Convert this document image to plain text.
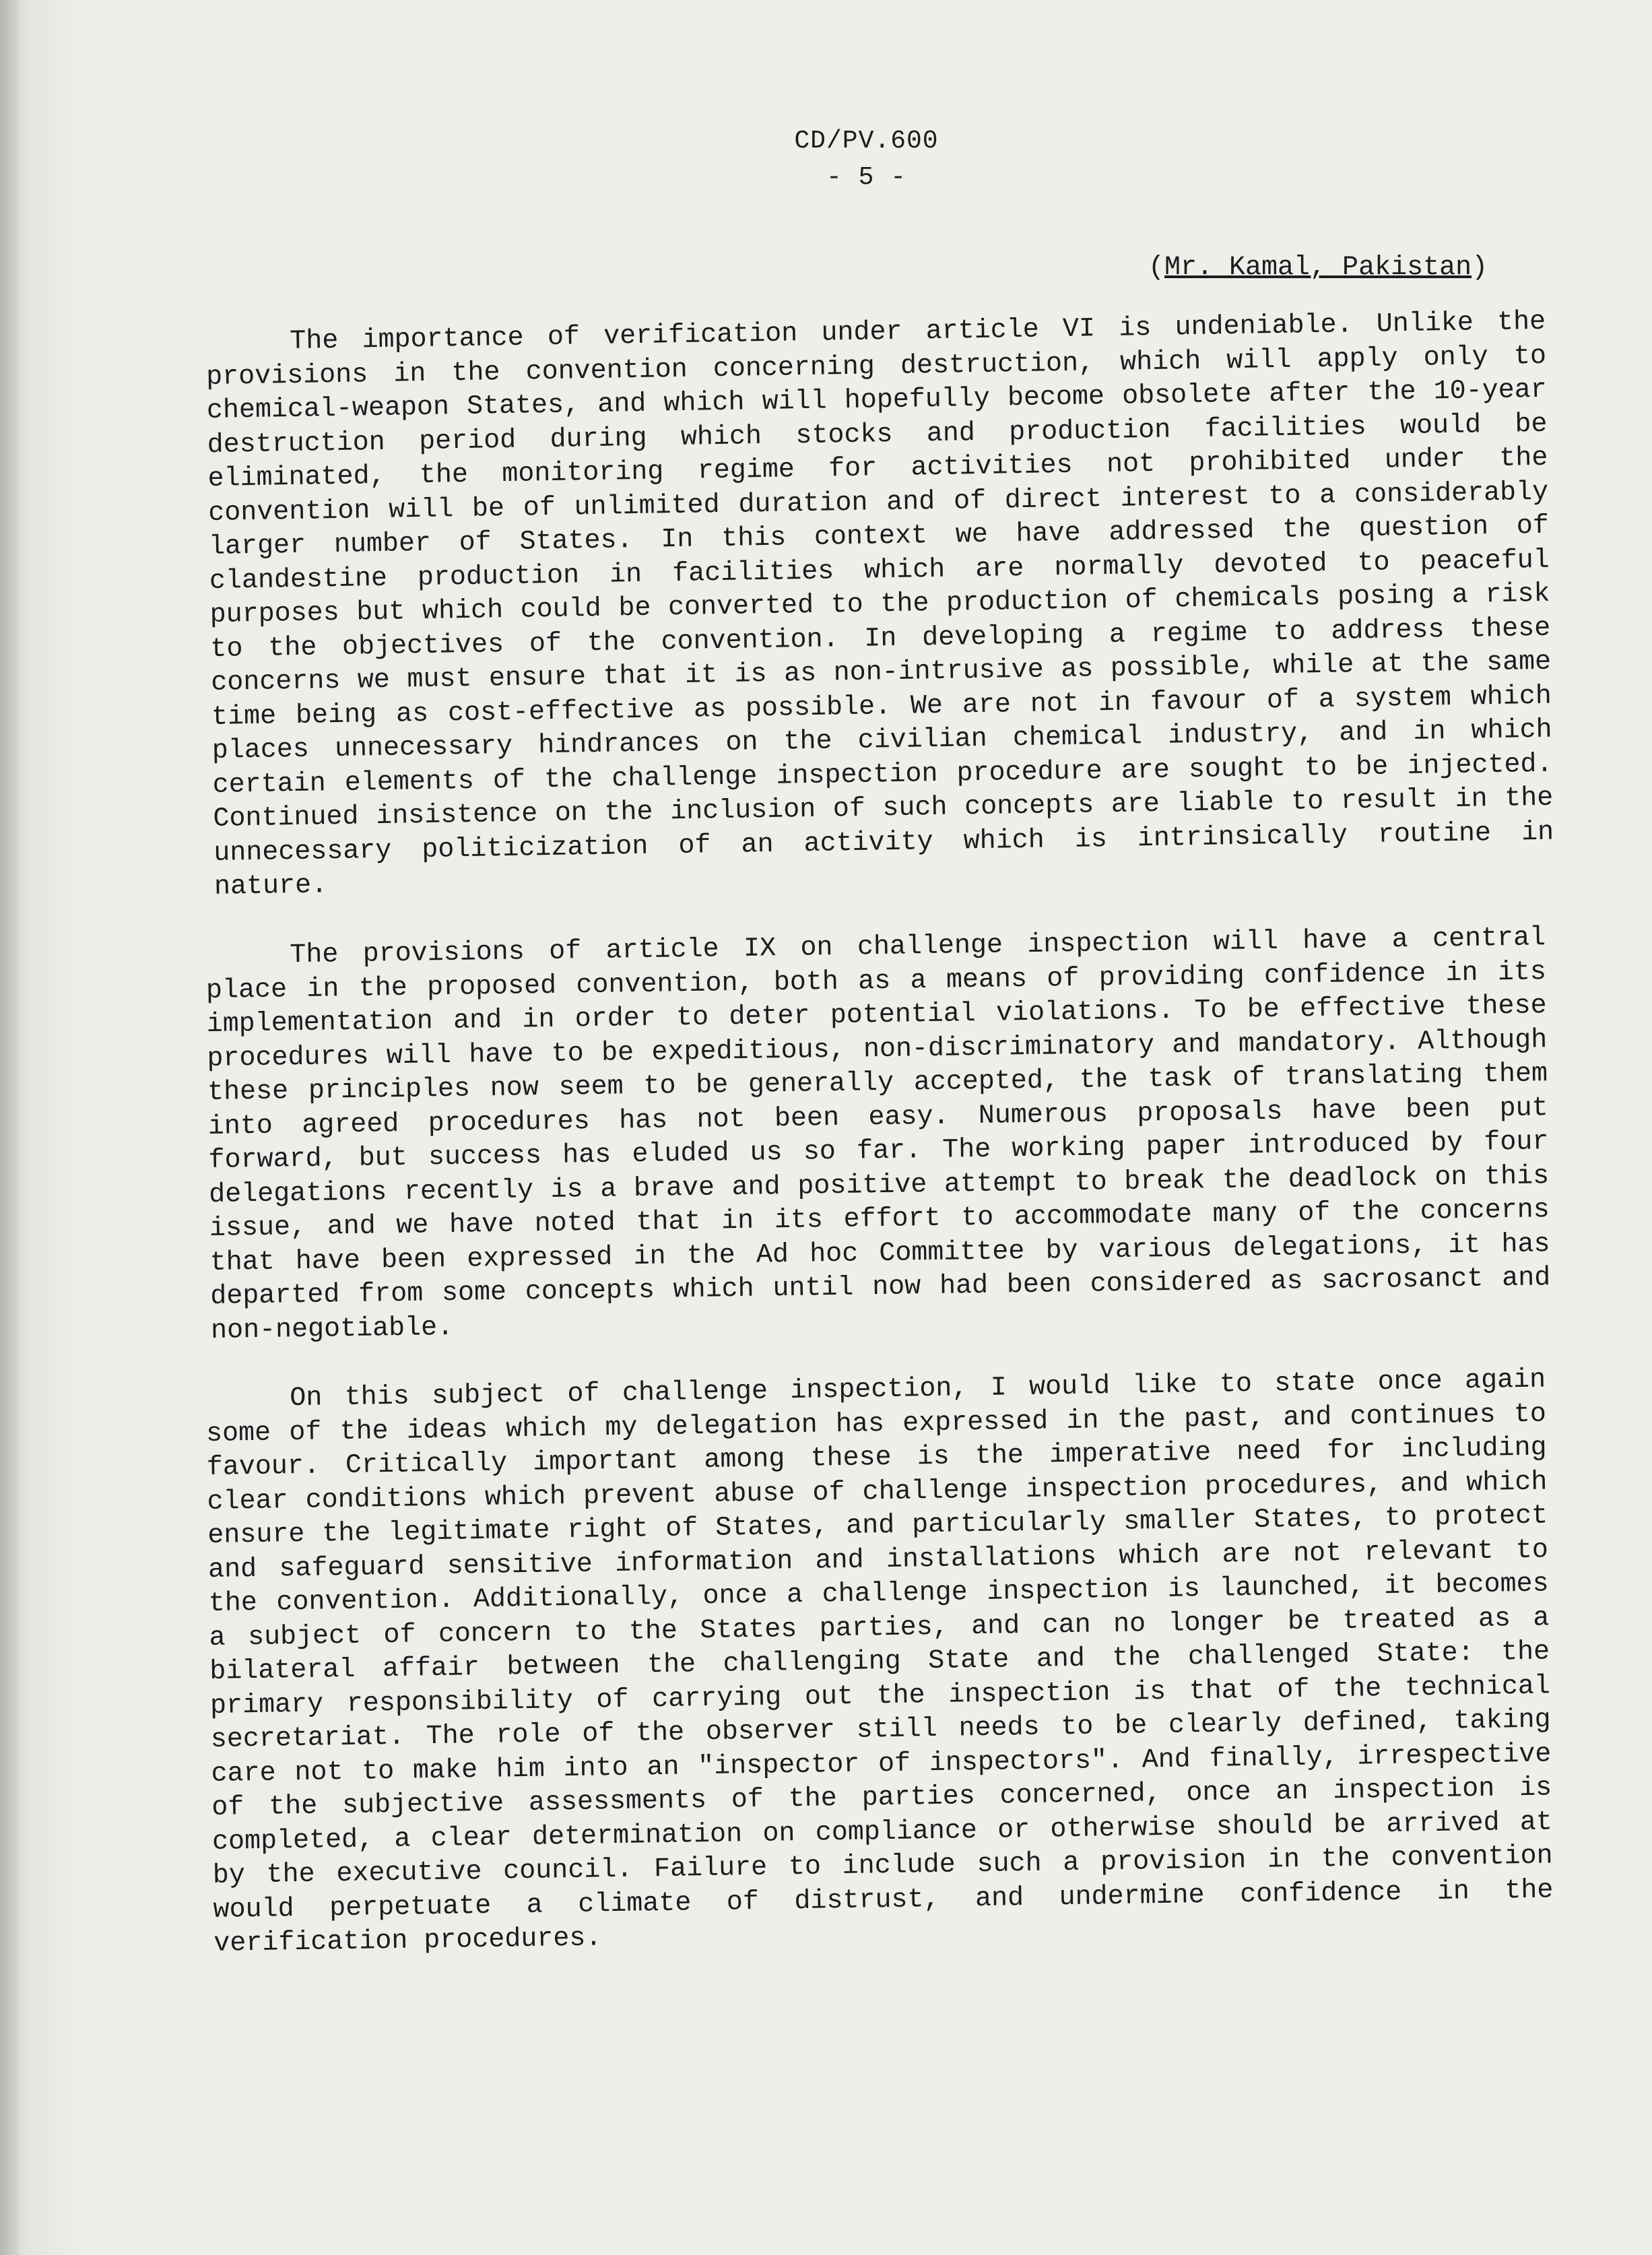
CD/PV.600
- 5 -
(Mr. Kamal, Pakistan)

The importance of verification under article VI is undeniable. Unlike the provisions in the convention concerning destruction, which will apply only to chemical-weapon States, and which will hopefully become obsolete after the 10-year destruction period during which stocks and production facilities would be eliminated, the monitoring regime for activities not prohibited under the convention will be of unlimited duration and of direct interest to a considerably larger number of States. In this context we have addressed the question of clandestine production in facilities which are normally devoted to peaceful purposes but which could be converted to the production of chemicals posing a risk to the objectives of the convention. In developing a regime to address these concerns we must ensure that it is as non-intrusive as possible, while at the same time being as cost-effective as possible. We are not in favour of a system which places unnecessary hindrances on the civilian chemical industry, and in which certain elements of the challenge inspection procedure are sought to be injected. Continued insistence on the inclusion of such concepts are liable to result in the unnecessary politicization of an activity which is intrinsically routine in nature.

The provisions of article IX on challenge inspection will have a central place in the proposed convention, both as a means of providing confidence in its implementation and in order to deter potential violations. To be effective these procedures will have to be expeditious, non-discriminatory and mandatory. Although these principles now seem to be generally accepted, the task of translating them into agreed procedures has not been easy. Numerous proposals have been put forward, but success has eluded us so far. The working paper introduced by four delegations recently is a brave and positive attempt to break the deadlock on this issue, and we have noted that in its effort to accommodate many of the concerns that have been expressed in the Ad hoc Committee by various delegations, it has departed from some concepts which until now had been considered as sacrosanct and non-negotiable.

On this subject of challenge inspection, I would like to state once again some of the ideas which my delegation has expressed in the past, and continues to favour. Critically important among these is the imperative need for including clear conditions which prevent abuse of challenge inspection procedures, and which ensure the legitimate right of States, and particularly smaller States, to protect and safeguard sensitive information and installations which are not relevant to the convention. Additionally, once a challenge inspection is launched, it becomes a subject of concern to the States parties, and can no longer be treated as a bilateral affair between the challenging State and the challenged State: the primary responsibility of carrying out the inspection is that of the technical secretariat. The role of the observer still needs to be clearly defined, taking care not to make him into an "inspector of inspectors". And finally, irrespective of the subjective assessments of the parties concerned, once an inspection is completed, a clear determination on compliance or otherwise should be arrived at by the executive council. Failure to include such a provision in the convention would perpetuate a climate of distrust, and undermine confidence in the verification procedures.
